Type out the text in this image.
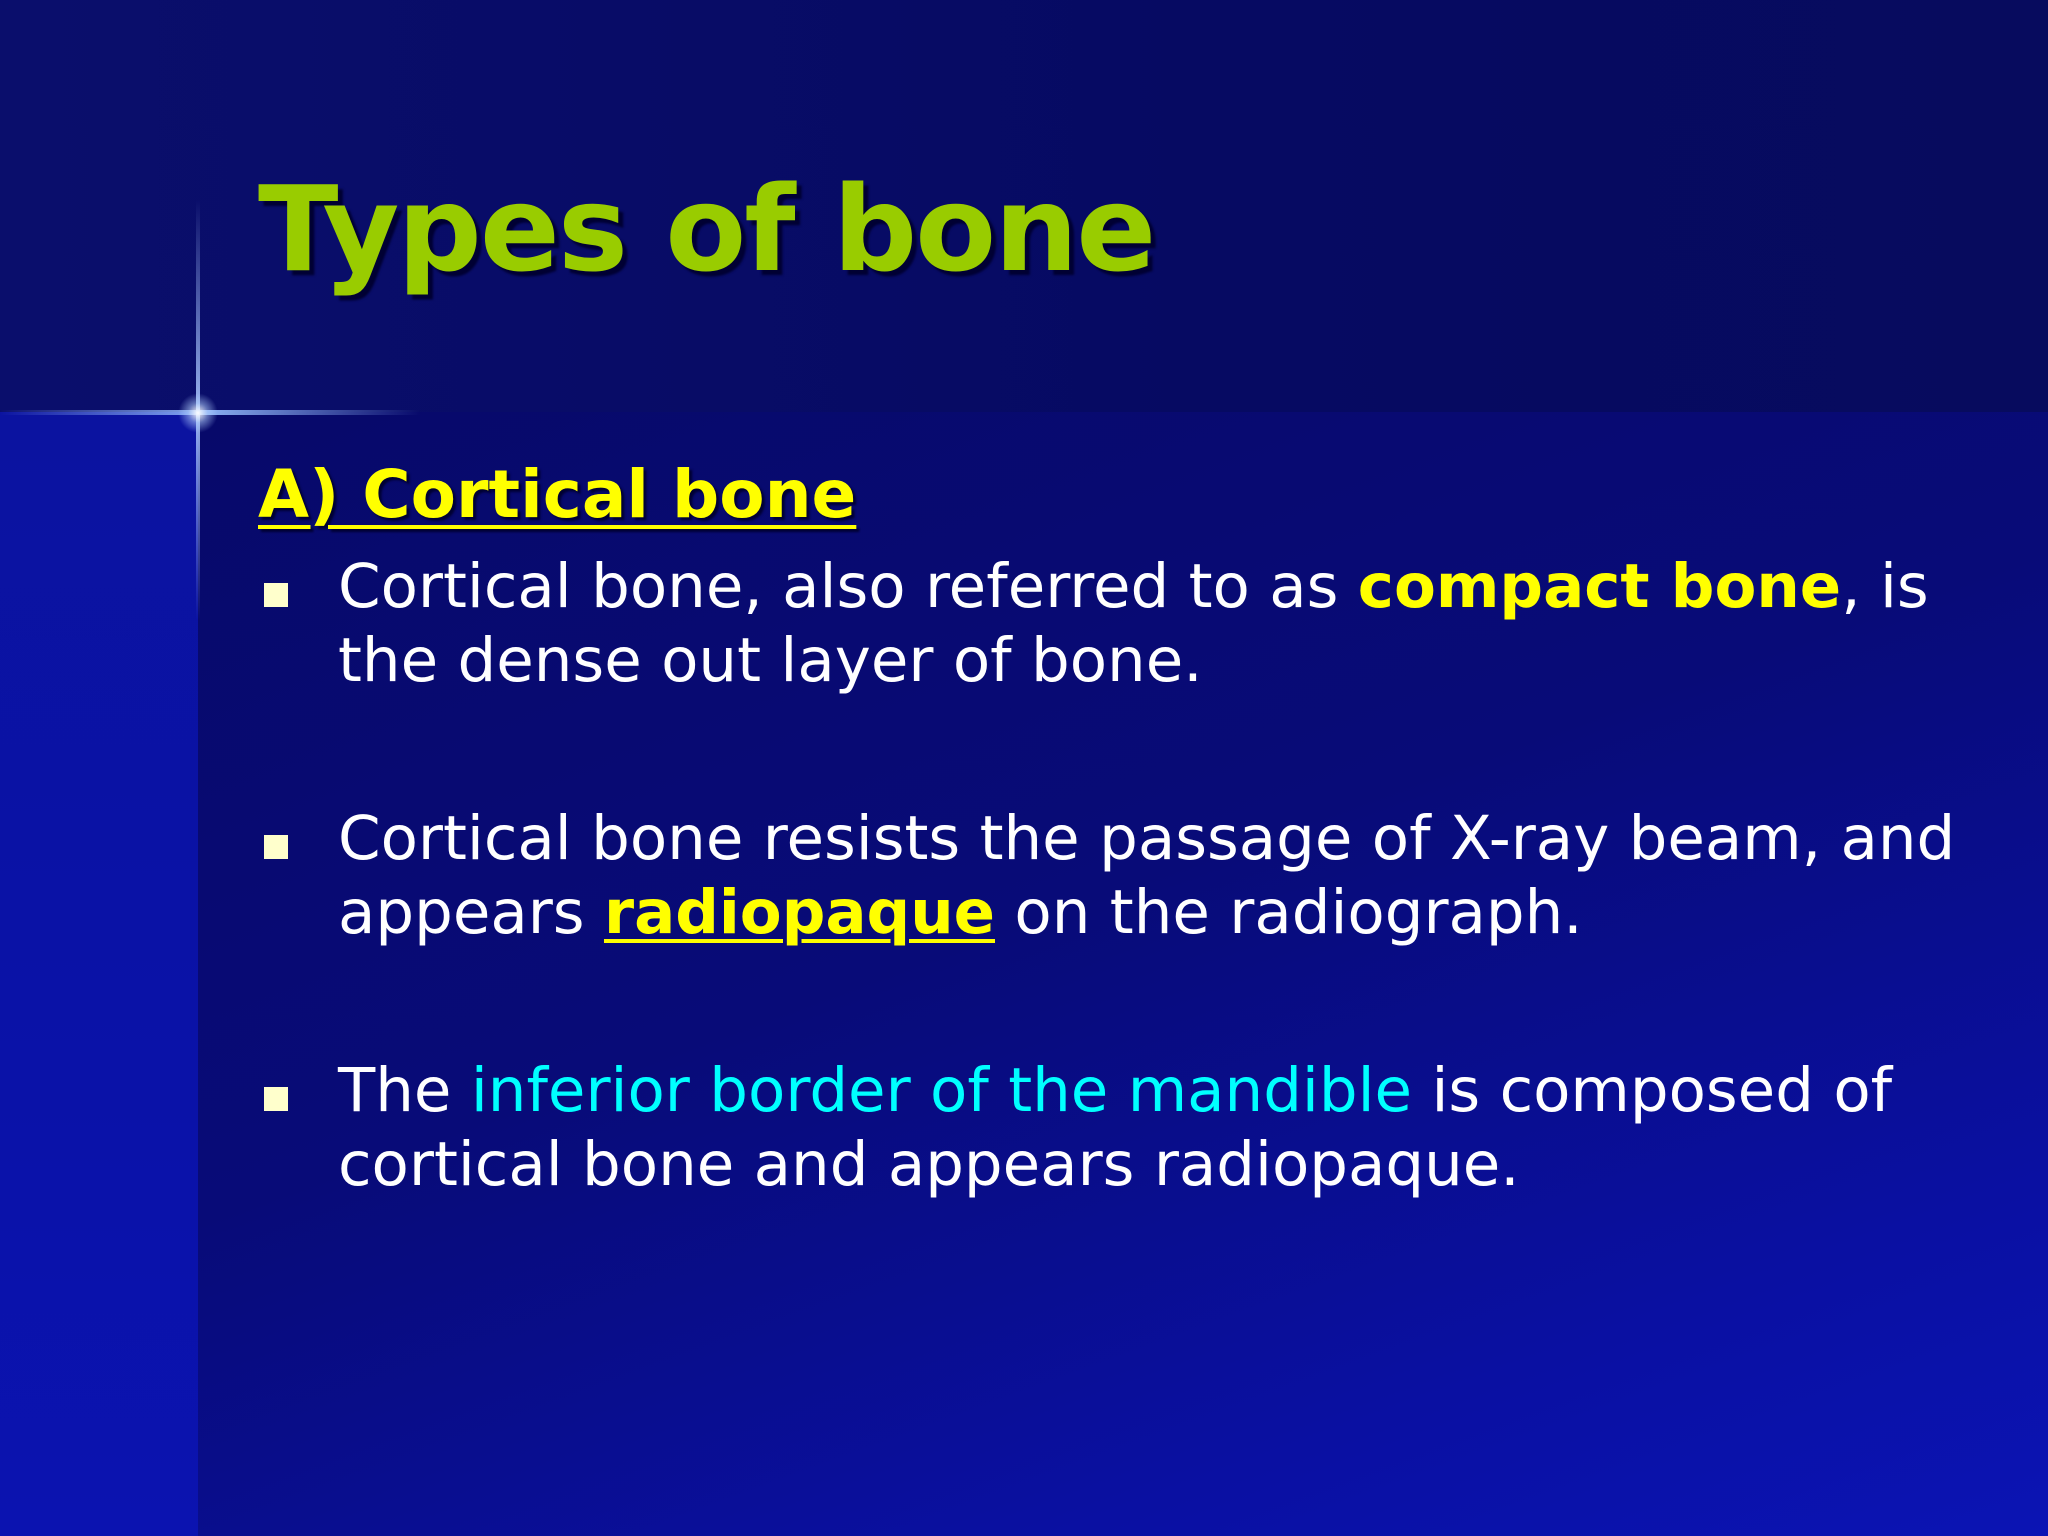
Types of bone
A) Cortical bone
Cortical bone, also referred to as compact bone, is the dense out layer of bone.
Cortical bone resists the passage of X-ray beam, and appears radiopaque on the radiograph.
The inferior border of the mandible is composed of cortical bone and appears radiopaque.
